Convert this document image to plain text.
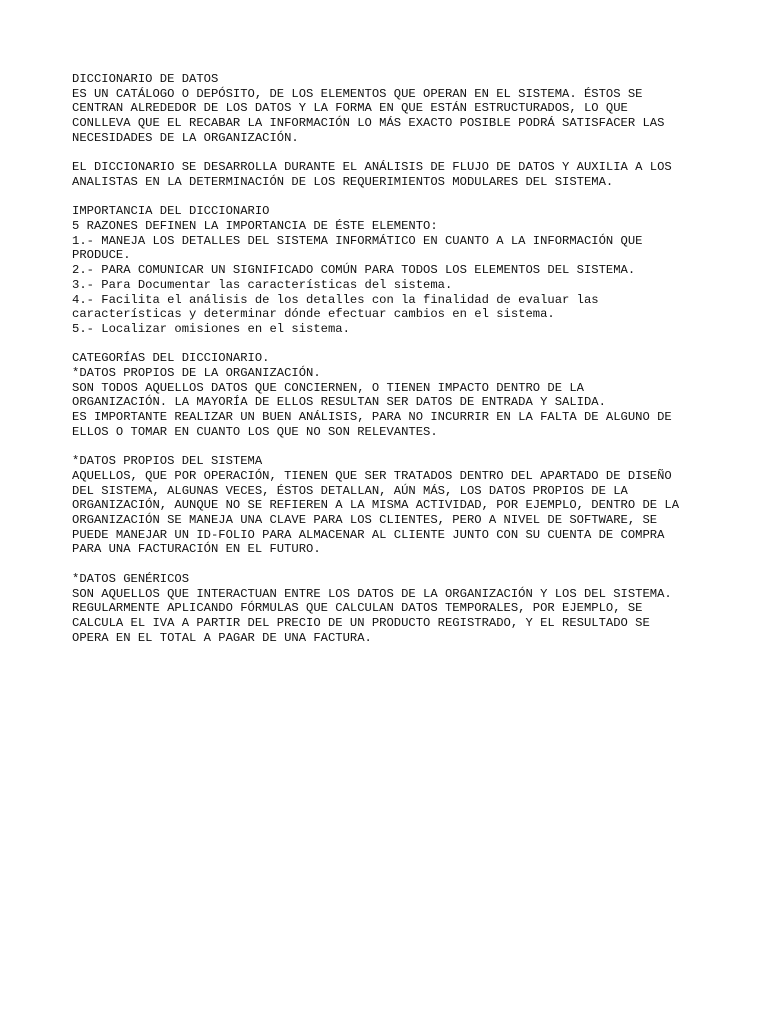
DICCIONARIO DE DATOS
ES UN CATÁLOGO O DEPÓSITO, DE LOS ELEMENTOS QUE OPERAN EN EL SISTEMA. ÉSTOS SE
CENTRAN ALREDEDOR DE LOS DATOS Y LA FORMA EN QUE ESTÁN ESTRUCTURADOS, LO QUE
CONLLEVA QUE EL RECABAR LA INFORMACIÓN LO MÁS EXACTO POSIBLE PODRÁ SATISFACER LAS
NECESIDADES DE LA ORGANIZACIÓN.
EL DICCIONARIO SE DESARROLLA DURANTE EL ANÁLISIS DE FLUJO DE DATOS Y AUXILIA A LOS
ANALISTAS EN LA DETERMINACIÓN DE LOS REQUERIMIENTOS MODULARES DEL SISTEMA.
IMPORTANCIA DEL DICCIONARIO
5 RAZONES DEFINEN LA IMPORTANCIA DE ÉSTE ELEMENTO:
1.- MANEJA LOS DETALLES DEL SISTEMA INFORMÁTICO EN CUANTO A LA INFORMACIÓN QUE
PRODUCE.
2.- PARA COMUNICAR UN SIGNIFICADO COMÚN PARA TODOS LOS ELEMENTOS DEL SISTEMA.
3.- Para Documentar las características del sistema.
4.- Facilita el análisis de los detalles con la finalidad de evaluar las
características y determinar dónde efectuar cambios en el sistema.
5.- Localizar omisiones en el sistema.
CATEGORÍAS DEL DICCIONARIO.
*DATOS PROPIOS DE LA ORGANIZACIÓN.
SON TODOS AQUELLOS DATOS QUE CONCIERNEN, O TIENEN IMPACTO DENTRO DE LA
ORGANIZACIÓN. LA MAYORÍA DE ELLOS RESULTAN SER DATOS DE ENTRADA Y SALIDA.
ES IMPORTANTE REALIZAR UN BUEN ANÁLISIS, PARA NO INCURRIR EN LA FALTA DE ALGUNO DE
ELLOS O TOMAR EN CUANTO LOS QUE NO SON RELEVANTES.
*DATOS PROPIOS DEL SISTEMA
AQUELLOS, QUE POR OPERACIÓN, TIENEN QUE SER TRATADOS DENTRO DEL APARTADO DE DISEÑO
DEL SISTEMA, ALGUNAS VECES, ÉSTOS DETALLAN, AÚN MÁS, LOS DATOS PROPIOS DE LA
ORGANIZACIÓN, AUNQUE NO SE REFIEREN A LA MISMA ACTIVIDAD, POR EJEMPLO, DENTRO DE LA
ORGANIZACIÓN SE MANEJA UNA CLAVE PARA LOS CLIENTES, PERO A NIVEL DE SOFTWARE, SE
PUEDE MANEJAR UN ID-FOLIO PARA ALMACENAR AL CLIENTE JUNTO CON SU CUENTA DE COMPRA
PARA UNA FACTURACIÓN EN EL FUTURO.
*DATOS GENÉRICOS
SON AQUELLOS QUE INTERACTUAN ENTRE LOS DATOS DE LA ORGANIZACIÓN Y LOS DEL SISTEMA.
REGULARMENTE APLICANDO FÓRMULAS QUE CALCULAN DATOS TEMPORALES, POR EJEMPLO, SE
CALCULA EL IVA A PARTIR DEL PRECIO DE UN PRODUCTO REGISTRADO, Y EL RESULTADO SE
OPERA EN EL TOTAL A PAGAR DE UNA FACTURA.
